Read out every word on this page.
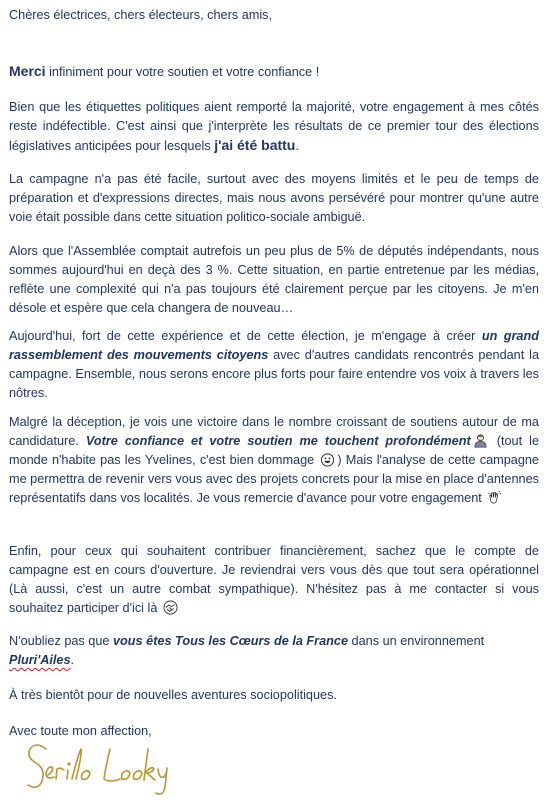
Chères électrices, chers électeurs, chers amis,

Merci infiniment pour votre soutien et votre confiance !

Bien que les étiquettes politiques aient remporté la majorité, votre engagement à mes côtés reste indéfectible. C'est ainsi que j'interprète les résultats de ce premier tour des élections législatives anticipées pour lesquels j'ai été battu.

La campagne n'a pas été facile, surtout avec des moyens limités et le peu de temps de préparation et d'expressions directes, mais nous avons persévéré pour montrer qu'une autre voie était possible dans cette situation politico-sociale ambiguë.

Alors que l'Assemblée comptait autrefois un peu plus de 5% de députés indépendants, nous sommes aujourd'hui en deçà des 3 %. Cette situation, en partie entretenue par les médias, reflète une complexité qui n'a pas toujours été clairement perçue par les citoyens. Je m'en désole et espère que cela changera de nouveau…

Aujourd'hui, fort de cette expérience et de cette élection, je m'engage à créer un grand rassemblement des mouvements citoyens avec d'autres candidats rencontrés pendant la campagne. Ensemble, nous serons encore plus forts pour faire entendre vos voix à travers les nôtres.

Malgré la déception, je vois une victoire dans le nombre croissant de soutiens autour de ma candidature. Votre confiance et votre soutien me touchent profondément
(tout le monde n'habite pas les Yvelines, c'est bien dommage
) Mais l'analyse de cette campagne me permettra de revenir vers vous avec des projets concrets pour la mise en place d'antennes représentatifs dans vos localités. Je vous remercie d'avance pour votre engagement

Enfin, pour ceux qui souhaitent contribuer financièrement, sachez que le compte de campagne est en cours d'ouverture. Je reviendrai vers vous dès que tout sera opérationnel (Là aussi, c'est un autre combat sympathique). N'hésitez pas à me contacter si vous souhaitez participer d'ici là

N'oubliez pas que vous êtes Tous les Cœurs de la France dans un environnement
Pluri'Ailes.

À très bientôt pour de nouvelles aventures sociopolitiques.

Avec toute mon affection,
